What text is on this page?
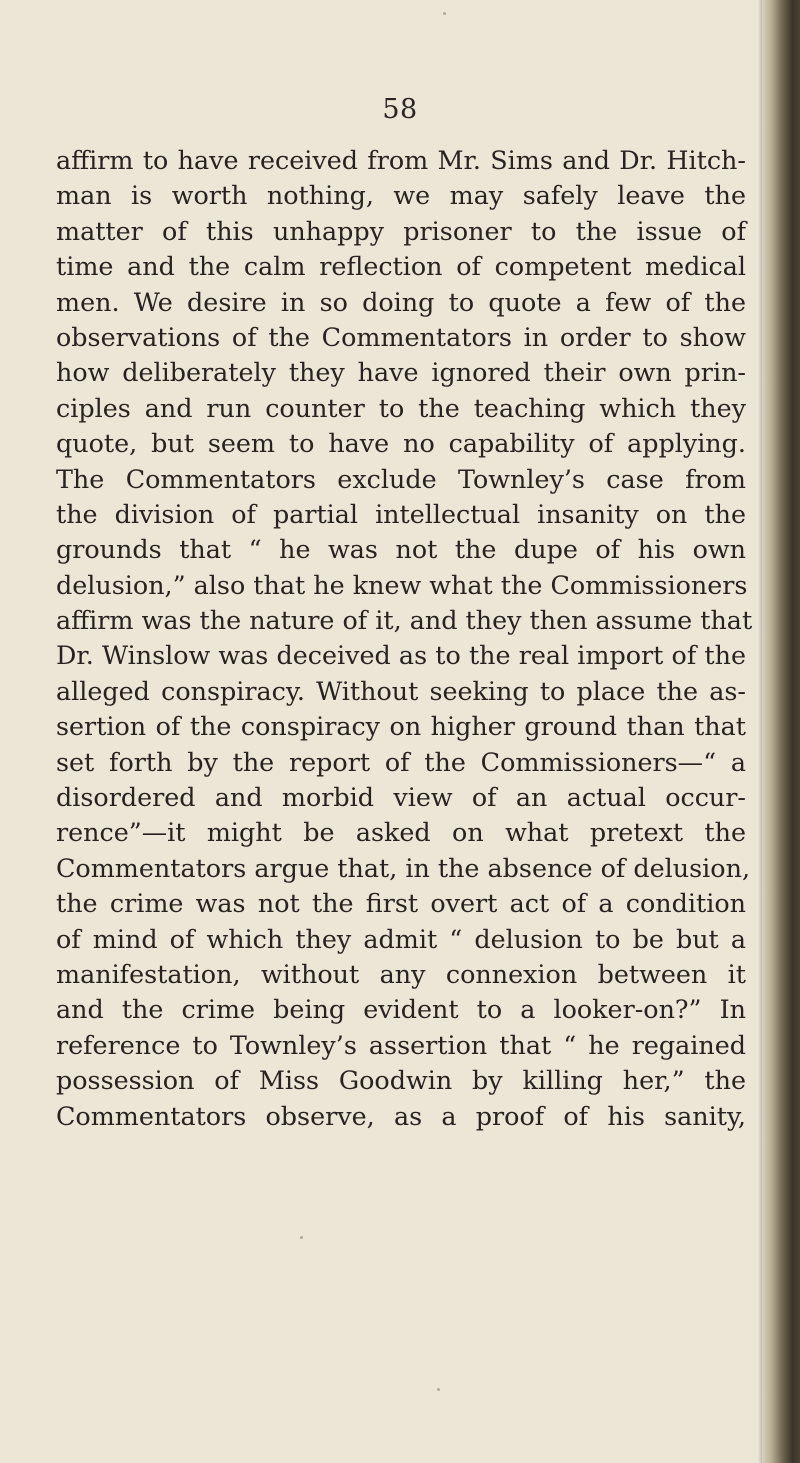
58
affirm to have received from Mr. Sims and Dr. Hitch-
man is worth nothing, we may safely leave the
matter of this unhappy prisoner to the issue of
time and the calm reflection of competent medical
men. We desire in so doing to quote a few of the
observations of the Commentators in order to show
how deliberately they have ignored their own prin-
ciples and run counter to the teaching which they
quote, but seem to have no capability of applying.
The Commentators exclude Townley’s case from
the division of partial intellectual insanity on the
grounds that “ he was not the dupe of his own
delusion,” also that he knew what the Commissioners
affirm was the nature of it, and they then assume that
Dr. Winslow was deceived as to the real import of the
alleged conspiracy. Without seeking to place the as-
sertion of the conspiracy on higher ground than that
set forth by the report of the Commissioners—“ a
disordered and morbid view of an actual occur-
rence”—it might be asked on what pretext the
Commentators argue that, in the absence of delusion,
the crime was not the first overt act of a condition
of mind of which they admit “ delusion to be but a
manifestation, without any connexion between it
and the crime being evident to a looker-on?” In
reference to Townley’s assertion that “ he regained
possession of Miss Goodwin by killing her,” the
Commentators observe, as a proof of his sanity,
